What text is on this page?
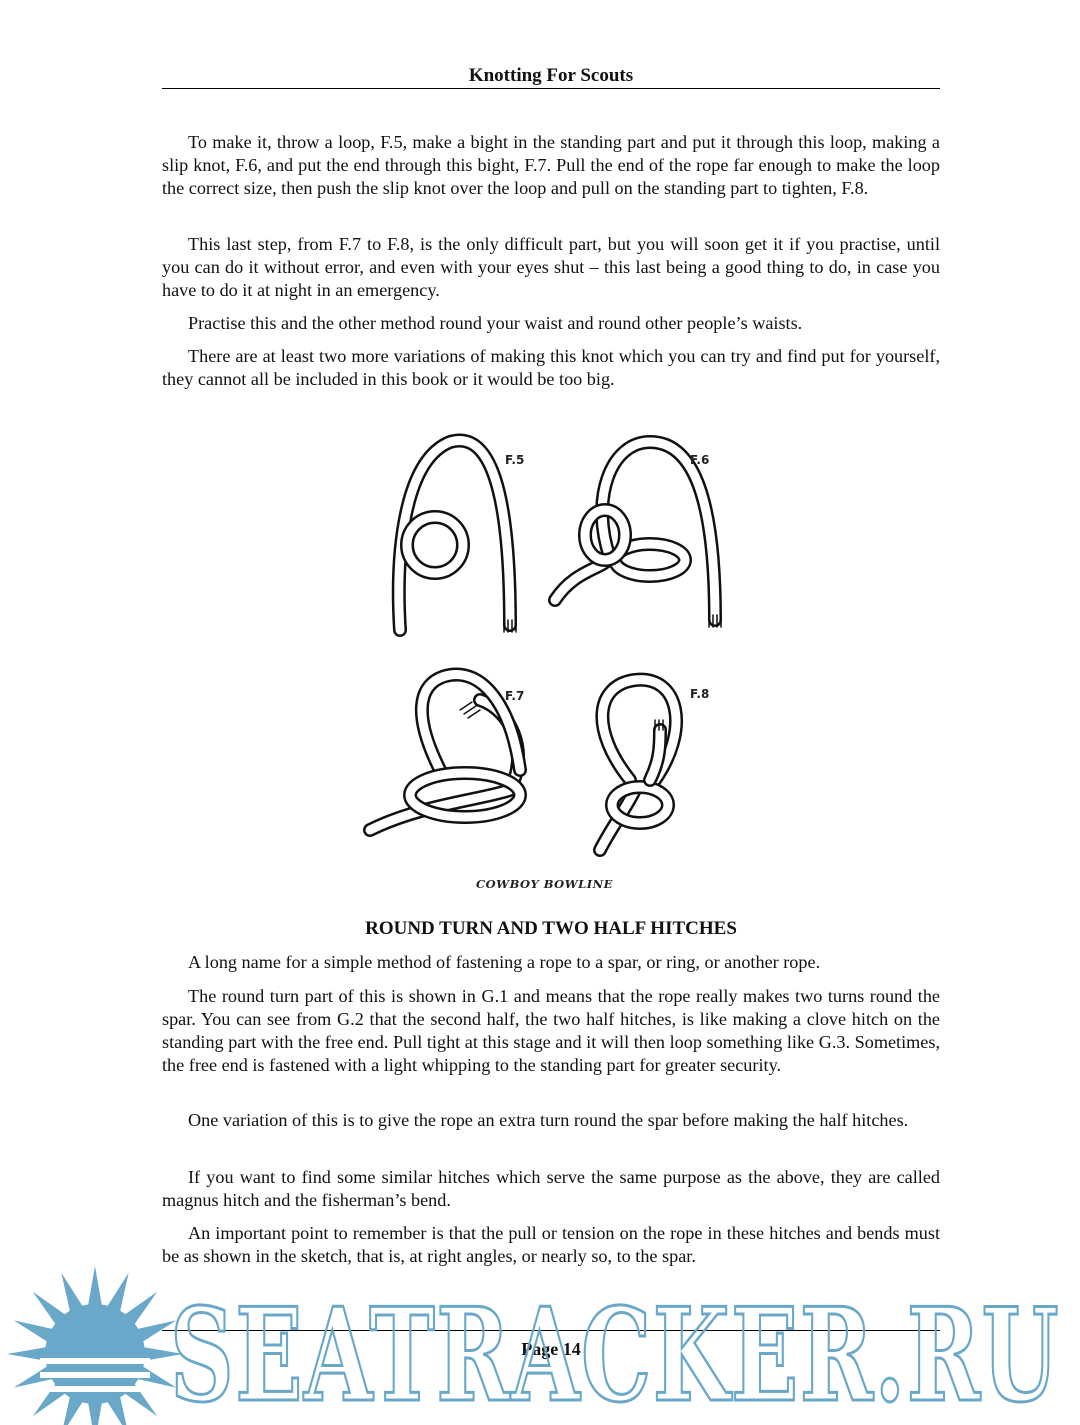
Knotting For Scouts

To make it, throw a loop, F.5, make a bight in the standing part and put it through this loop, making a slip knot, F.6, and put the end through this bight, F.7. Pull the end of the rope far enough to make the loop the correct size, then push the slip knot over the loop and pull on the standing part to tighten, F.8.

This last step, from F.7 to F.8, is the only difficult part, but you will soon get it if you practise, until you can do it without error, and even with your eyes shut – this last being a good thing to do, in case you have to do it at night in an emergency.

Practise this and the other method round your waist and round other people’s waists.

There are at least two more variations of making this knot which you can try and find put for yourself, they cannot all be included in this book or it would be too big.

F.5	F.6
F.7	F.8
COWBOY BOWLINE
ROUND TURN AND TWO HALF HITCHES

A long name for a simple method of fastening a rope to a spar, or ring, or another rope.

The round turn part of this is shown in G.1 and means that the rope really makes two turns round the spar. You can see from G.2 that the second half, the two half hitches, is like making a clove hitch on the standing part with the free end. Pull tight at this stage and it will then loop something like G.3. Sometimes, the free end is fastened with a light whipping to the standing part for greater security.

One variation of this is to give the rope an extra turn round the spar before making the half hitches.

If you want to find some similar hitches which serve the same purpose as the above, they are called magnus hitch and the fisherman’s bend.

An important point to remember is that the pull or tension on the rope in these hitches and bends must be as shown in the sketch, that is, at right angles, or nearly so, to the spar.

Page 14
SEATRACKER.RU
